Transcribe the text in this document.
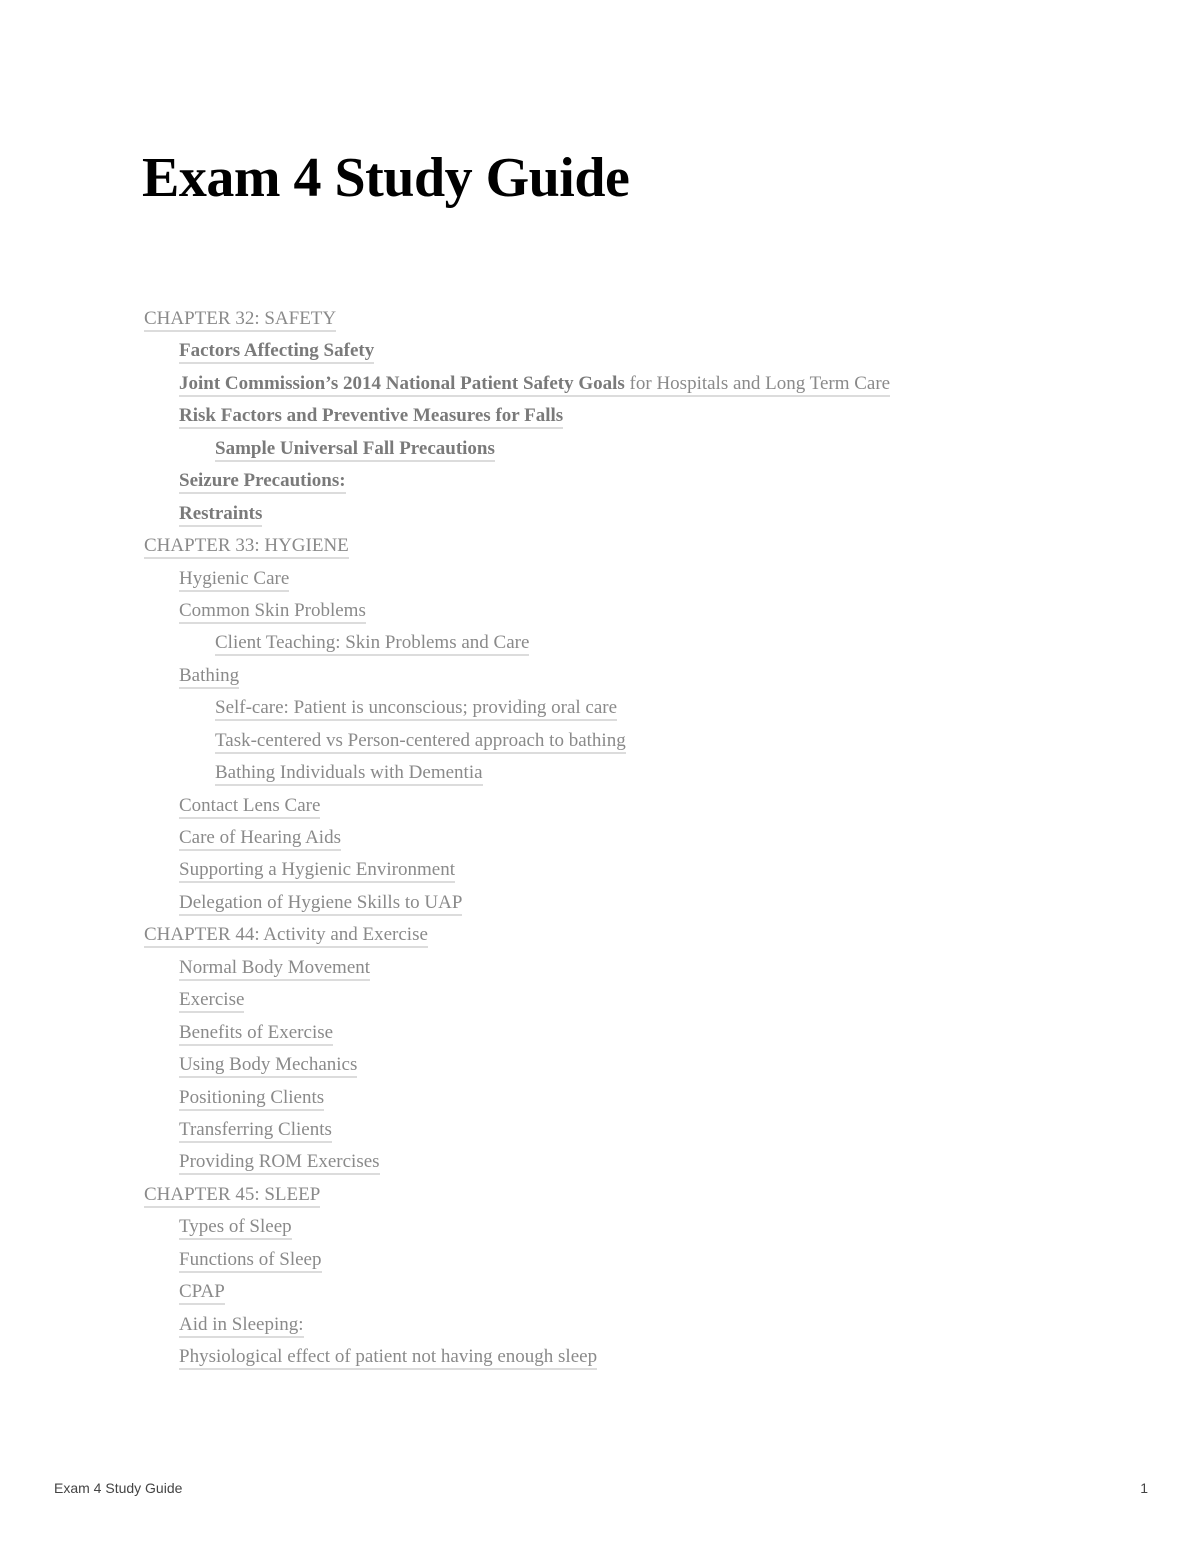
Exam 4 Study Guide
CHAPTER 32: SAFETY
Factors Affecting Safety
Joint Commission’s 2014 National Patient Safety Goals for Hospitals and Long Term Care
Risk Factors and Preventive Measures for Falls
Sample Universal Fall Precautions
Seizure Precautions:
Restraints
CHAPTER 33: HYGIENE
Hygienic Care
Common Skin Problems
Client Teaching: Skin Problems and Care
Bathing
Self-care: Patient is unconscious; providing oral care
Task-centered vs Person-centered approach to bathing
Bathing Individuals with Dementia
Contact Lens Care
Care of Hearing Aids
Supporting a Hygienic Environment
Delegation of Hygiene Skills to UAP
CHAPTER 44: Activity and Exercise
Normal Body Movement
Exercise
Benefits of Exercise
Using Body Mechanics
Positioning Clients
Transferring Clients
Providing ROM Exercises
CHAPTER 45: SLEEP
Types of Sleep
Functions of Sleep
CPAP
Aid in Sleeping:
Physiological effect of patient not having enough sleep
Exam 4 Study Guide	1
